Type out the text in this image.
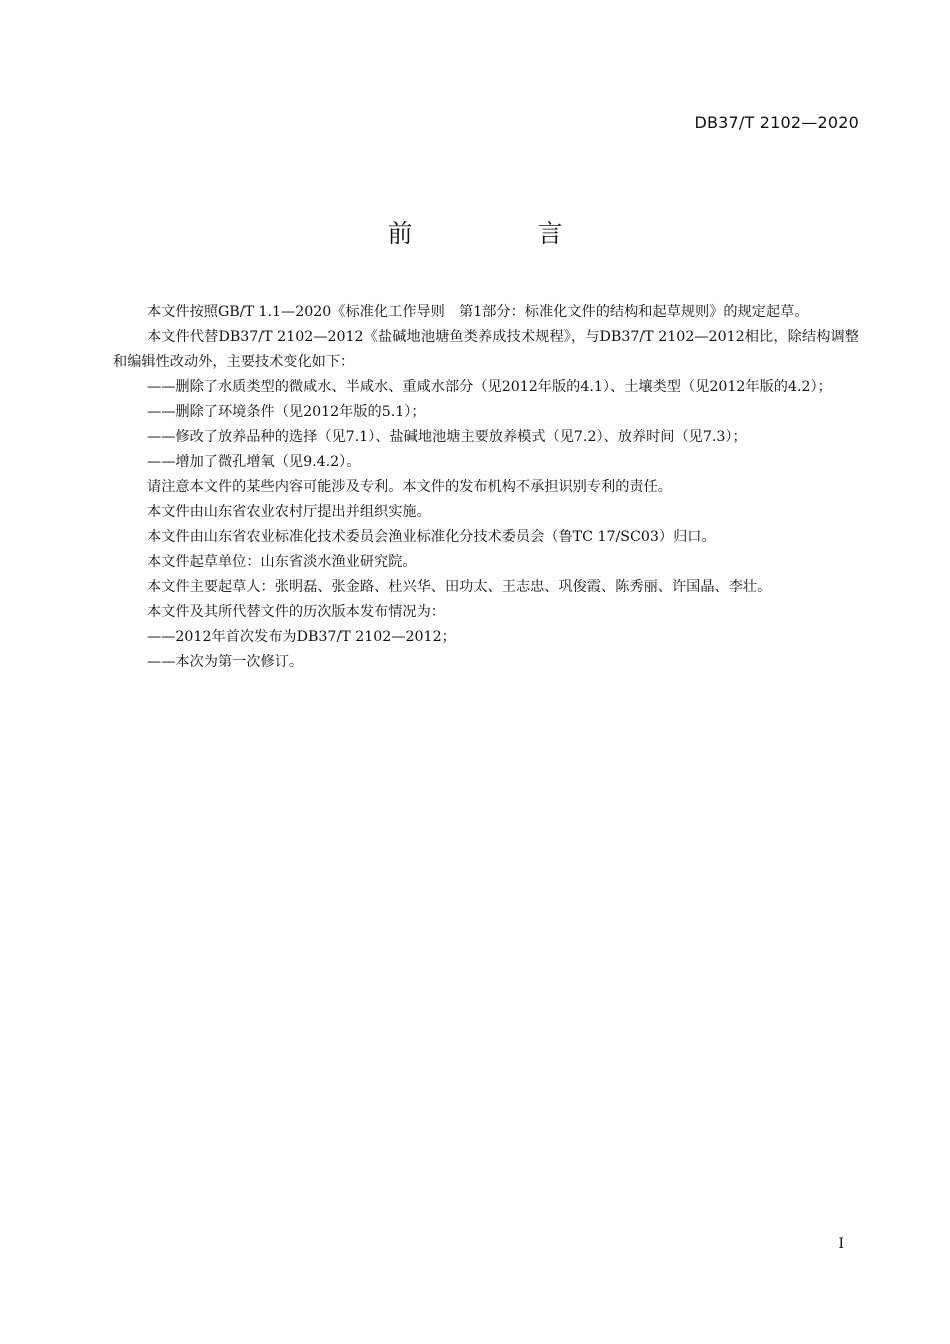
DB37/T 2102—2020
前　言

本文件按照GB/T 1.1—2020《标准化工作导则　第1部分：标准化文件的结构和起草规则》的规定起草。

本文件代替DB37/T 2102—2012《盐碱地池塘鱼类养成技术规程》，与DB37/T 2102—2012相比，除结构调整和编辑性改动外，主要技术变化如下：

——删除了水质类型的微咸水、半咸水、重咸水部分（见2012年版的4.1）、土壤类型（见2012年版的4.2）；

——删除了环境条件（见2012年版的5.1）；

——修改了放养品种的选择（见7.1）、盐碱地池塘主要放养模式（见7.2）、放养时间（见7.3）；

——增加了微孔增氧（见9.4.2）。

请注意本文件的某些内容可能涉及专利。本文件的发布机构不承担识别专利的责任。

本文件由山东省农业农村厅提出并组织实施。

本文件由山东省农业标准化技术委员会渔业标准化分技术委员会（鲁TC 17/SC03）归口。

本文件起草单位：山东省淡水渔业研究院。

本文件主要起草人：张明磊、张金路、杜兴华、田功太、王志忠、巩俊霞、陈秀丽、许国晶、李壮。

本文件及其所代替文件的历次版本发布情况为：

——2012年首次发布为DB37/T 2102—2012；

——本次为第一次修订。

I
